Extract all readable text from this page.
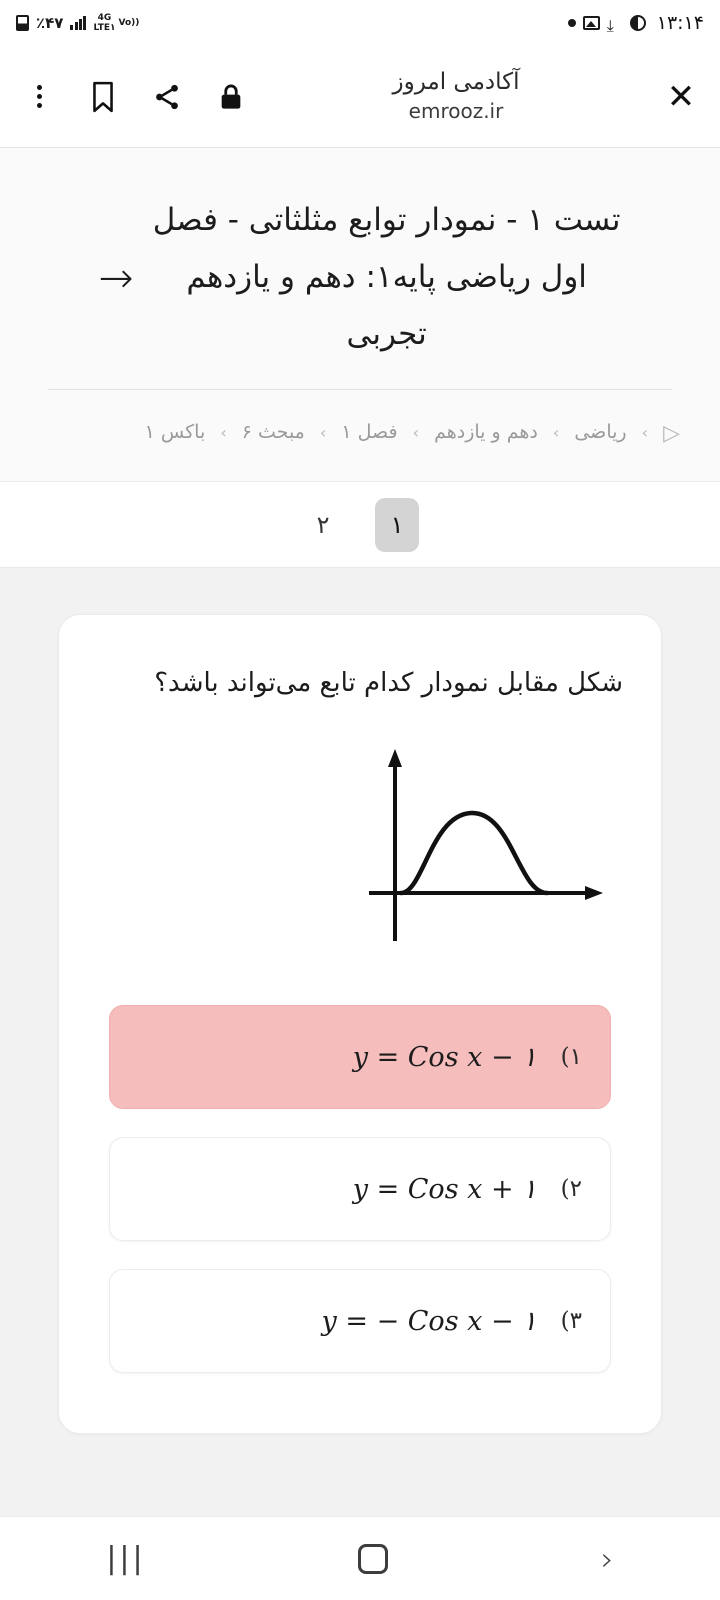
٪۴۷	4G
LTE۱ Vo)) ⤓	۱۳:۱۴
آکادمی امروز
emrooz.ir	✕
تست ۱ - نمودار توابع مثلثاتی - فصل اول ریاضی پایه۱: دهم و یازدهم تجربی
→
▷ › ریاضی › دهم و یازدهم › فصل ۱ › مبحث ۶ › باکس ۱
۱
۲
شکل مقابل نمودار کدام تابع می‌تواند باشد؟
۱)
y = Cos x − ۱
۲)
y = Cos x + ۱
۳)
y = − Cos x − ۱
|||	›
